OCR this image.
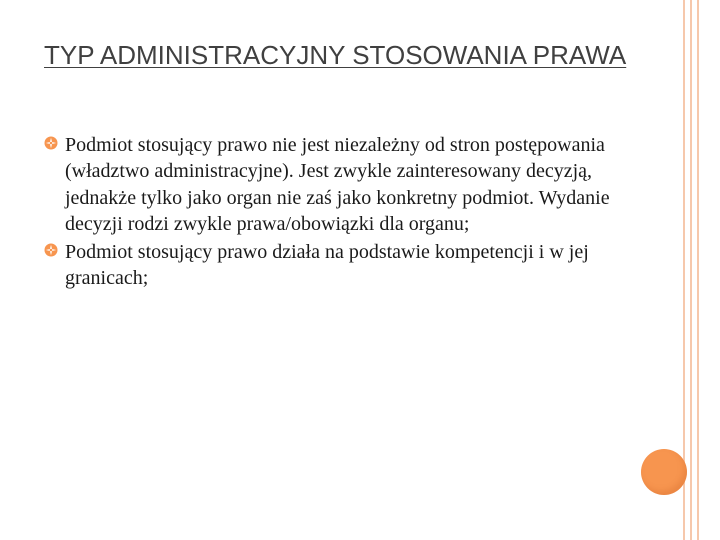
TYP ADMINISTRACYJNY STOSOWANIA PRAWA
Podmiot stosujący prawo nie jest niezależny od stron postępowania (władztwo administracyjne). Jest zwykle zainteresowany decyzją, jednakże tylko jako organ nie zaś jako konkretny podmiot. Wydanie decyzji rodzi zwykle prawa/obowiązki dla organu;
Podmiot stosujący prawo działa na podstawie kompetencji i w jej granicach;
